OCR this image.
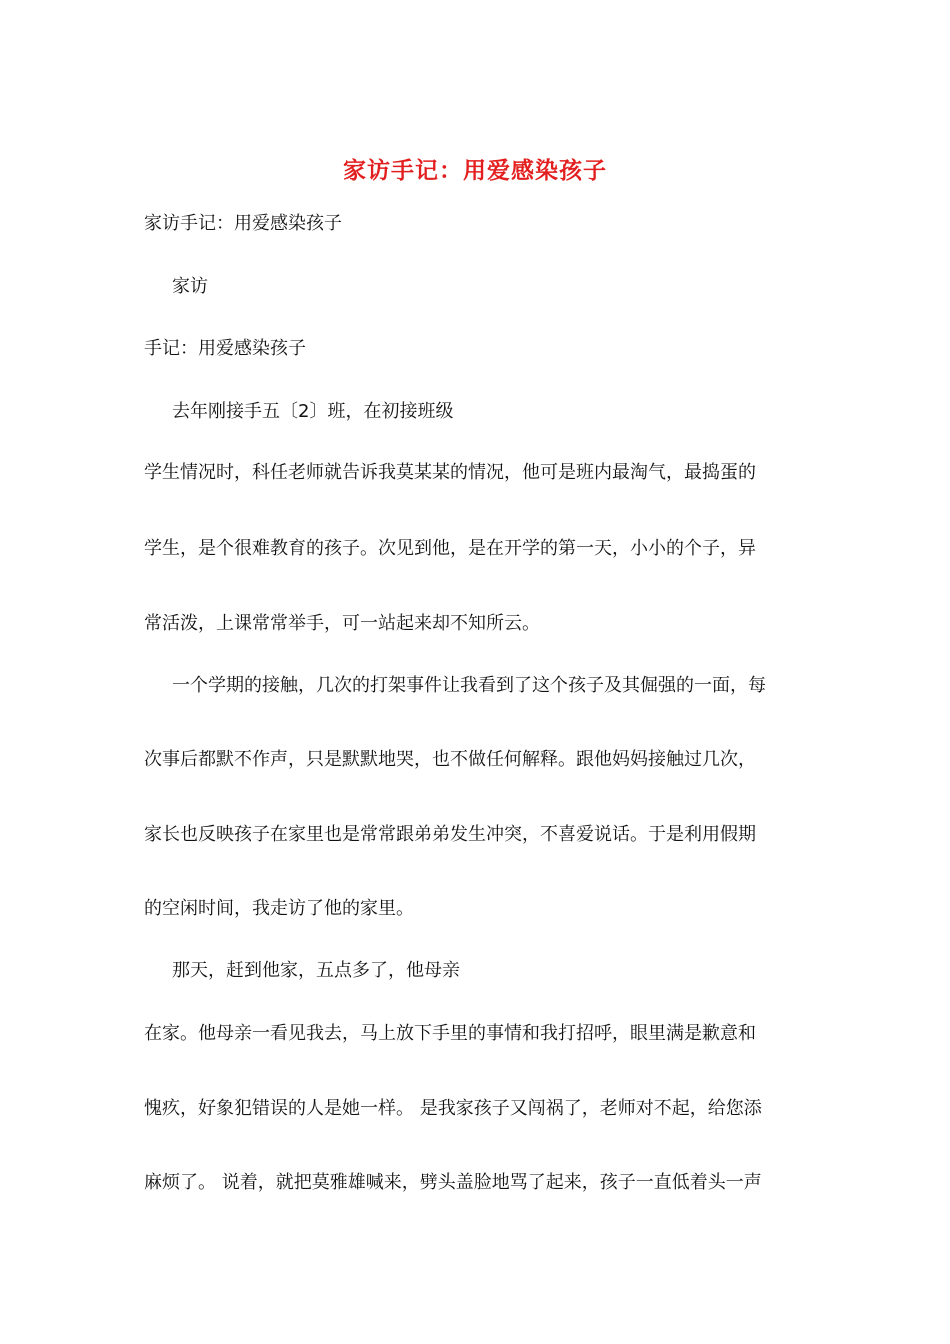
家访手记：用爱感染孩子
家访手记：用爱感染孩子
家访
手记：用爱感染孩子
去年刚接手五〔2〕班，在初接班级
学生情况时，科任老师就告诉我莫某某的情况，他可是班内最淘气，最捣蛋的
学生，是个很难教育的孩子。次见到他，是在开学的第一天，小小的个子，异
常活泼，上课常常举手，可一站起来却不知所云。
一个学期的接触，几次的打架事件让我看到了这个孩子及其倔强的一面，每
次事后都默不作声，只是默默地哭，也不做任何解释。跟他妈妈接触过几次，
家长也反映孩子在家里也是常常跟弟弟发生冲突，不喜爱说话。于是利用假期
的空闲时间，我走访了他的家里。
那天，赶到他家，五点多了，他母亲
在家。他母亲一看见我去，马上放下手里的事情和我打招呼，眼里满是歉意和
愧疚，好象犯错误的人是她一样。 是我家孩子又闯祸了，老师对不起，给您添
麻烦了。 说着，就把莫雅雄喊来，劈头盖脸地骂了起来，孩子一直低着头一声
